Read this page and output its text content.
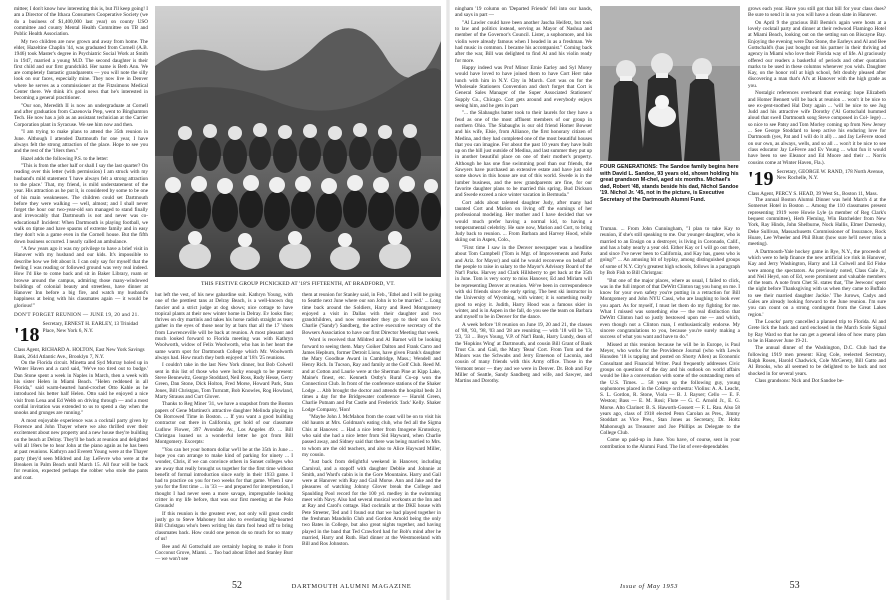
mittee; I don't know how interesting this is, but I'll keep going! I am a Director of the Ithaca Consumers Cooperative Society (we do a business of $1,400,000 last year) on county USO committee and county Mental Health Committee on TB and Public Health Association.

My two children are now grown and away from home. The elder, Hazeltine Chaplin '44, was graduated from Cornell (A.B. 1946) took Master's degree in Psychiatric Social Work at Smith in 1947, married a young M.D. The second daughter is their first child and our first grandchild. Her name is Beth Ann. We are completely fantastic grandparents — you will note the silly look on our faces, especially mine. They now live in Denver where he serves as a commissioner at the Fitzsimons Medical Center there. We think it's good news that he's interested in becoming a general practitioner.

"Our son, Meredith II is now an undergraduate at Cornell and after graduation from Cazenovia Prep, went to Binghamton Tech. He now has a job as an assistant technician at the Carrier Corporation plant in Syracuse. We see him now and then.

"I am trying to make plans to attend the 35th reunion in June. Although I attended Dartmouth for one year, I have always felt the strong attraction of the place. Hope to see you and the rest of the '18ers then."

Hazel adds the following P.S. to the letter:

"This is from the other half or shall I say the last quarter? On reading over this letter (with permission) I am struck with my husband's mild statement 'I have always felt a strong attraction to the place.' That, my friend, is mild understatement of the year. His attraction as he put it, is considered by some to be one of his main weaknesses. The children could set Dartmouth before they were walking — well, almost; and I shall never forget the hour our two-year-old son managed to stand finally and irrevocably that Dartmouth is not and never was co-educational! Incident: When Dartmouth is playing football, we walk on tiptoe and have spasms of extreme family and in easy they don't win a game even in the Cornell house. But the fifth down business occurred. I nearly called an ambulance.

"A few years ago it was my privilege to have a brief visit in Hanover with my husband and our kids. It's impossible to describe how we felt about it. I can only say for myself that the feeling I was reading or followed ground was very real indeed. How I'd like to come back and sit in Baker Library, roam or browse around the campus, admiring those many-windowed buildings of colonial beauty and streetless, have dinner at Hanover Inn before a big fire, and watch my husband's happiness at being with his classmates again — it would be glorious!"

DON'T FORGET REUNION — JUNE 19, 20 and 21.

'18 Secretary, ERNEST H. EARLEY, 13 Trinidad Place, New York 6, N.Y.
Class Agent, RICHARD A. HOLTON, East New York Savings Bank, 2644 Atlantic Ave., Brooklyn 7, N.Y.

On the Florida circuit. Minetta and Syd Murray holed up in Winter Haven and a card said, 'We've too tired out to budge.' Dan Stone spent a week in Naples in March, then a week with his sister Helen in Miami Beach. "Helen reddened in all Florida," said warm-hearted hand-crochet Otto Kahle as he introduced his better half Helen. Otto said he enjoyed a nice visit from Lena and Ed Webb on driving through — and a most cordial invitation was extended to us to spend a day when the snooks and grunges are running."

A most enjoyable experience was a cocktail party given by Florence and John Thayer where we also thrilled over their excitement about new property and a new house they're building on the beach at Delray. They'll be back at reunion and delighted will all 18ers be to hear John at the piano again as he has been at past reunions. Kathryn and Everett Young were at the Thayer party (they'd seen Mildred and Jay LeFevre who were at the Breakers in Palm Beach until March 15. All four will be back for reunion, expected perhaps the robber who stole the pants and coat.

THIS FESTIVE GROUP PICNICKED AT '18'S FIFTEENTH, AT BRADFORD, VT.

hut left the vest, of his new gabardine suit. Kathryn Young, with one of the prettiest tans at Delray Beach, is a well-known dog fancier and a strict judge at dog shows; nice cottage to have tropical plants at their new winter home in Delray. Ev looks fine; thrives on dry martinis and takes his horse radish straight as tears gather in the eyes of those near by at bars that all the 17 'shots from Lawrenceville will be back at reunion. A most pleasant and much looked forward to Florida meeting was with Kathryn Woolworth, widow of Felix Woolworth, who has in her heart the same warm spot for Dartmouth College which Mr. Woolworth always had. How much they both enjoyed at '18's '25 reunions.

I couldn't take in the last New York dinner, but Bob Colwell sent in this list of those who were lucky enough to be present: Steve Bennewitz, George Stoddard, Neil Ross, Rudy Hesse, Gerry Green, Dan Stone, Dick Holton, Fred Morse, Howard Park, Stan Jones, Bill Christgau, Tom Turnratt, Bob Knowles, Rog Howland, Marty Strauss and Curt Glover.

Thanks to Reg Miner '31, we have a snapshot from the Boston papers of Gene Martinez's attractive daughter Melinda playing in On Borrowed Time in Boston. ... If you want a good building contractor out there in California, get hold of our classmate Ludlow Flower, 397 Avondale Av., Los Angeles 49. ... Bill Christgau loaned us a wonderful letter he got from Bill Montgomery. Excerpts:

"You can bet your bottom dollar we'll be at the 35th in June ... hope you can arrange to make kind of parking for ninety ... I wonder, Chris, if we can convince others in Sunset colleges who are away that really brought us together for the first time without benefit of formal introduction since early in their 1933 game. I had to practice on you for two weeks for that game. When I saw you for the first time ... in '33 — and prepared for interpretation, I thought I had never seen a more savage, impregnable looking critter in my life before, that was our first meeting at the Polo Grounds!

If this reunion is the greatest ever, not only will great credit justly go to Steve Mahoney but also to everlasting big-hearted Bill Christgau who's been writing his darn fool head off to bring classmates back. How could one person do so much for so many of us!

Bee and Al Gottschald are certainly hoping to make it from Cocconut Grove, Miami. ... Too bad about Ethel and Stanley Burr — we won't see

them at reunion for Stanley said, in Feb., 'Ethel and I will be going to Seattle next June where our son John is to be married.' ... Long time back around the Soldiers, Harry and Reed Montgomery enjoyed a visit in Dallas with their daughter and two grandchildren, and now remember they go to their son Ev's. Charlie ('Sandy') Sandberg, the active executive secretary of the Bowsers Association to have our first Director Meeting that week.

Word is received that Mildred and Al Barnet will be looking forward to seeing them. Mary Goiker Dalton and Frank Carro and James Hepburn, former Detroit Lions, have given Frank's daughter the Mary Goodhue Award in Cambridge, Mass.; Wendell and Henry Rich. In Tucson, Ray and family at the Golf Club. Reed M. and at Cotton and Laurie were at the Sherman Pine at Kipp Lake, Maine's finest, etc. Kenneth Ostby's Rural Co-op won the Connecticut Club. In front of the conference stations of the Shaker Lodge ... Abb brought the doctor and attends the hospital beds 24 times a day for the Bridgewater conference — Harold Green, Charlie Putnam and Pat Castle and Frederick 'Jack' Kelly. Shaker Lodge Company, 'Hon!

"Maybe John J. McMahon from the coast will be on to visit his old haunts at Mrs. Goldman's eating club, who fed all the Sigma Chis at Hanover. ... Had a nice letter from Imogene Krutoskoy, who said she had a nice letter from Sid Hayward, when Charlie passed away, and Sidney said that there was being married to Mrs. to whom are the old teachers, and also to Alice Hayward Miller, my cousin.

"Just back from delightful weekend in Hanover, including Carnival, and a stopoff with daughter Debbie and Johnnie at Smith, and Ward's cabin is in the Gore Mountains. Harry and Gail were at Hanover with Ray and Gail Morse. Ann and Jake and the pleasures of watching Johnny Glover break the College and Spaulding Pool record for the 100 yd. medley in the swimming meet with Navy. Also had several musical workouts at the Inn and at Ray and Carol's cottage. Had cocktails at the DKE house with Pete Streeter, Ted and I found out that we had played together in the freshman Mandolin Club and Gordon Arnold being the only two Bates in College, but also great nights together, and having played in the band that Ted Crawford had for Bob's mind after he married, Harry and Ruth. Had dinner at the Westmoreland with Bill and Ros Johnston.

52	DARTMOUTH ALUMNI MAGAZINE

ningham '19 column on 'Departed Friends' fell into our hands, and says in part —

"Al Lawler could have been another Jascha Heifetz, but took to law and politics instead, serving as Mayor of Nashua and member of the Governor's Council. Lister, a sophomore, and his violin were already famous when I headed in as a freshman. We had music in common. I became his accompanist." Coming back after the war, Bill was delighted to find Al and his violin ready for more.

Happy indeed was Prof Minor Ernie Earley and Syl Morey would have loved to have joined them to have Cort Herr take lunch with him in N.Y. City in March. Cort was on for the Wholesale Stationers Convention and don't forget that Cort is General Sales Manager of the Super Associated Stationers' Supply Co., Chicago. Cort gets around and everybody enjoys seeing him, and he gets in part

"... the Slabaughs batter took to their laurels for they have a feud as one of the most affluent members of our group in northern Ohio. The Slabaughs is our old friend Homer Bowser and his wife, Elsie, from Alliance, the first honorary citizen of Medina, and they had completed one of the most beautiful houses that you can imagine. For about the past 10 years they have built up on the hill just outside of Medina, and last summer they put up in another beautiful place on one of their mother's property. Although he has one fine swimming pool than our friends, the Sawyers have purchased an extensive estate and have just sold some shows in this house are out of this world. Swede is in the lumber business, and the new grandparents are fine, for our favorite daughter plans to be married this spring. Bud Dickson and Swede exceed a nice winter vacation in Bermuda."

Cort adds about talented daughter Judy, after many had taunted Cort and Marion on living off the earnings of her professional modeling. Her mother and I have decided that we would much prefer having a normal kid, to having a temperamental celebrity. He sure now, Marion and Cort, to bring Judy back to reunion. ... From Barbara and Harvey Hood, while skiing out in Aspen, Colo.,

"First time I saw in the Denver newspaper was a headline about Tom Campbell ('Tom is Mgr. of Improvements and Parks and Ariz. for Mayor) and said he would reconvene on behalf of the people to raise in salary to the Mayor's Advisory Board of the Nat'l Parks. Harvey and Clark Hillsberry to get back at the 35th in June. Tom is very sorry to miss Hanover, Ed and Miriam will be representing Denver at reunion. We've been in correspondence with ski friends since the early spring. The best ski instructor in the University of Wyoming, with winter; it is something really good to enjoy it. Judith, Harry Hood was a famous skier in winter, and is in Aspen in the fall, do you see the team on Barbara and myself to be in Denver for the dance.

A week before '18 reunion on June 19, 20 and 21, the classes of '88, '93, '98, '03 and '28 are reuniting — with '18 will be '13, '23, '33 ... Boys Young, V.P. of Nat'l Bank, Harry Lundy, dean of the 'Hopkins Wing' at Dartmouth, and cousin Bill Grant of Bank Trust Co. and Gail, the Mary 'Beau' Cort. From Tom and the Minors was the Schwabs and Jerry Emerson of Laconia, and cousin of many friends with this Army office. Those in the Vermont tenor — they and we were in Denver. Dr. Bob and Fay Miller of Seattle, Sandy Sandberg and wife, and Sawyer, and Martins and Dorothy.

FOUR GENERATIONS: The Sandoe family begins here with David L. Sandoe, 93 years old, shown holding his great grandson M-chel, aged six months. Michael's dad, Robert '48, stands beside his dad, Nichol Sandoe '19. Nichol Jr. '45, not in the picture, is Executive Secretary of the Dartmouth Alumni Fund.

Truman. ... From John Cunningham, "I plan to take Kay to reunion, if she's still speaking to me. Our younger daughter, who is married to an Ensign on a destroyer, is living in Coronado, Calif., and has a baby nearly a year old. Either Kay or I will go out there, and since I've never been to California, and Kay has, guess who is going?" ... An amusing bit of byplay, among distinguished groups of some of N.Y. City's greatest high schools, follows in a paragraph by Bob Fish to Bill Christgau:

"But one of the major places, where as usual, I failed to click, was in the full import of that DeWitt Clinton tag you hung on me. I know for your own safety you're putting in a retraction for Bill Montgomery and John NYU Cassi, who are laughing to look ever you apart. As for myself, I must let them do my fighting for me. What I missed was something else — the real distinction that DeWitt Clinton had so justly bestowed upon me — and which, even though not a Clinton man, I enthusiastically endorse. My sincere congratulations to you, because you're surely making a success of what you want and have to do."

Missed at this reunion because he will be in Europe, is Paul Meyer, who works for the Providence Journal (who with Lewis Hunsden '18 is tapping and posted on Shorty Allen) as Economic Consultant and Financial Writer. Paul frequently addresses Civic groups on questions of the day and his outlook on world affairs would be like a conversation with some of the outstanding men of the U.S. Times. ... 58 years up the following guy, young sophomores placed in the College orchestra: Violins: A. A. Leacht, S. L. Gordon, R. Stone, Viola — B. J. Rayser; Cello — E. F. Weston; Bass — E. M. Rosi; Flute — G. C. Arnold Jr., E. G. Morse. Alto Clarinet: B. S. Haworth-Gossett — F. L. Rau. Also 58 years ago, class of 1918 elected Penn Carolan as Pres., Jimmy Stoddart as Vice Pres., Stan Jones as Secretary, Dr. Holtz Mahonough as Treasurer and Joe Phillips as Delegate to the College Club.

Come up paid-up in June. You have, of course, sent in your contribution to the Alumni Fund. The list of ever-dependables

grows each year. Have you still got that bill for your class dues? Be sure to send it in so you will have a clean slate in Hanover.

On April 9 the gracious Bill Bemis's again were hosts at a lovely cocktail party and dinner at their redwood Flamingo Hotel at Miami Beach, looking out on the setting sun on Biscayne Bay. Enjoying the evening were Dan Stone, the Earleys and Al and Bee Gottschald's (has just bought out his partner in their thriving ad agency in Miami who love their Florida way of life. Al graciously offered our readers a basketful of periods and other quotation marks to be used in these columns whenever you wish. Daughter Kay, on the honor roll at high school, felt doubly pleased after discovering a man that's Al's at Hanover with the high grade as you.

Nostalgic references overheard that evening: hope Elizabeth and Homer Bennett will be back at reunion ... won't it be nice to see ex-gent-toothed Hal Doty again ... 'will be nice to see Jug Judd and his attractive wife Dorothy ('Al Gottschald hummed aloud that swell Dartmouth song Steve composed in Col- lege) ... so nice to see Patsy and Tom Morley coming up from New Jersey ... See George Stoddard to keep active his enduring love for Dartmouth (yes, Pat and I will do it all) ... and Jay LeFevre stood on our own, as always, wells, and so all ... won't it be nice to see class educator Jay LeFevre and Ev Young ... what fun it would have been to see Eleanor and Ed Moore and their ... Norris cousins come at Winter Haven, Fla.).

'19 Secretary, GEORGE W. RAND, 178 North Avenue, New Rochelle, N.Y.
Class Agent, PERCY S. HEAD, 39 West St., Boston 11, Mass.

The annual Boston Alumni Dinner was held March 4 at the Somerset Hotel in Boston ... Among the 110 classmates present representing 1919 were Howie Lyle (a member of Reg Clark's bequest committee), Herb Fleming, Win Batchelder from New York, Ray Hinds, John Shelburne, Nock Hallis, Elmer Durnesky, Deke Sullivan, Massachusetts Commissioner of Insurance, Rock Hoare, Lee Wheeler and Phil Blunt (how sure he'll never miss a meeting).

A Dartmouth-Yale hockey game in Rye, N.Y., the proceeds of which were to help finance the new artificial ice rink in Hanover, Kay and Jerry Washington, Harry and Lil Colwell and Ed Fiske were among the spectators. As previously noted, Class Gale Jr., and Neil Heyd, son of Ed, were prominent and valuable members of the team. A note from Chet Sl. states that, 'The Jeewons' spent the night before Thanksgiving with us when they came to Buffalo to see their married daughter Jackie.' The Jurows, Cadys and Gales are already looking forward to the June reunion. I'm sure you can count on a strong contingent from the Great Lakes region.'

The Loucks' party cancelled a planned trip to Florida. Al and Grete lick the back and card enclosed in the March Scole Signal by Ray Ward so that he can get a general idea of how many plan to be in Hanover June 19-21.

The annual dinner of the Washington, D.C. Club had the following 1919 men present: King Cole, reelected Secretary, Ralph Rosen, Harold Chadwick, Cole McGerety, Bill Gatto and Al Brooks, who all seemed to be delighted to be back and not shocked in for several years.

Class grandsons: Nick and Dot Sandoe be-

Issue of May 1953	53
